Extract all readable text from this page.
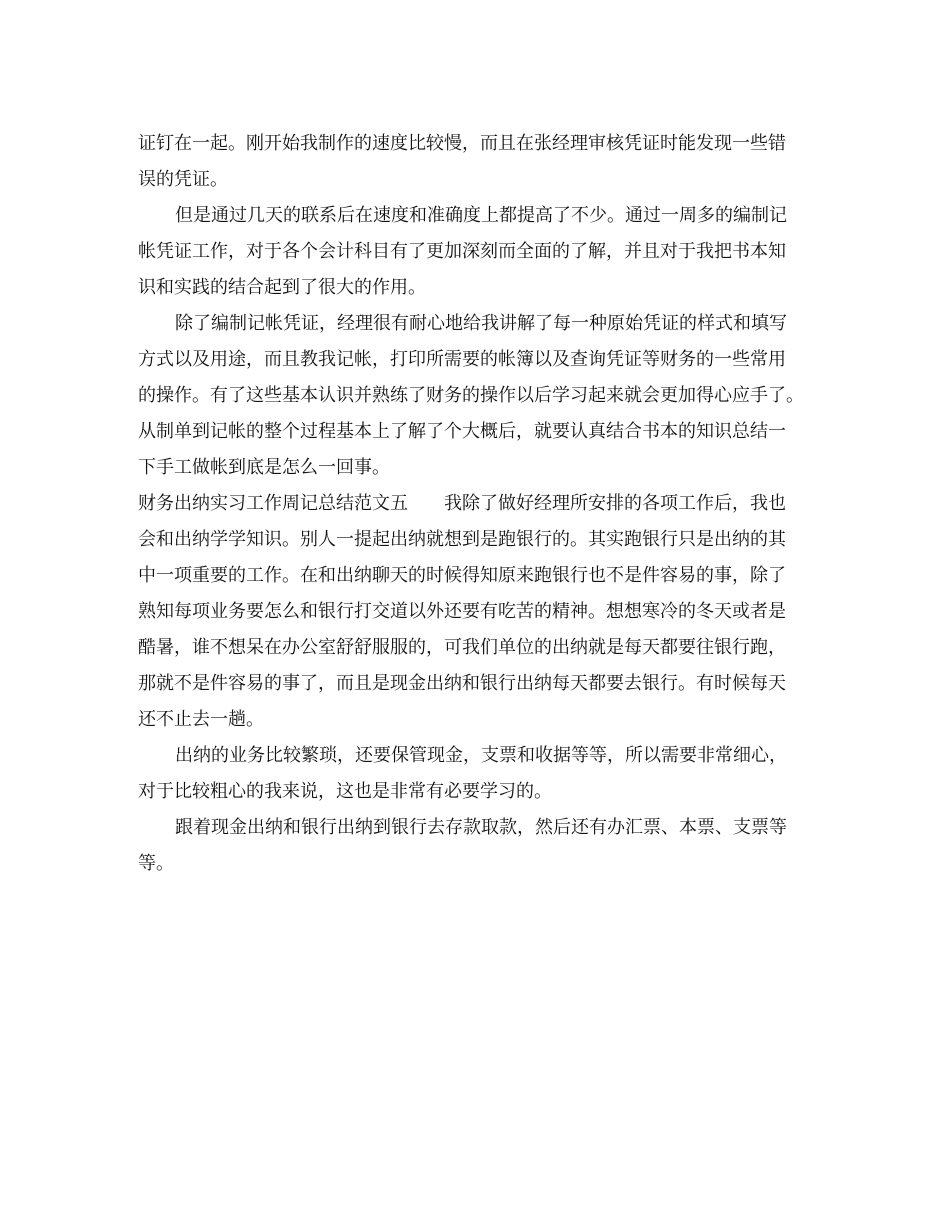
证钉在一起。刚开始我制作的速度比较慢，而且在张经理审核凭证时能发现一些错
误的凭证。
但是通过几天的联系后在速度和准确度上都提高了不少。通过一周多的编制记
帐凭证工作，对于各个会计科目有了更加深刻而全面的了解，并且对于我把书本知
识和实践的结合起到了很大的作用。
除了编制记帐凭证，经理很有耐心地给我讲解了每一种原始凭证的样式和填写
方式以及用途，而且教我记帐，打印所需要的帐簿以及查询凭证等财务的一些常用
的操作。有了这些基本认识并熟练了财务的操作以后学习起来就会更加得心应手了。
从制单到记帐的整个过程基本上了解了个大概后，就要认真结合书本的知识总结一
下手工做帐到底是怎么一回事。
财务出纳实习工作周记总结范文五　　我除了做好经理所安排的各项工作后，我也
会和出纳学学知识。别人一提起出纳就想到是跑银行的。其实跑银行只是出纳的其
中一项重要的工作。在和出纳聊天的时候得知原来跑银行也不是件容易的事，除了
熟知每项业务要怎么和银行打交道以外还要有吃苦的精神。想想寒冷的冬天或者是
酷暑，谁不想呆在办公室舒舒服服的，可我们单位的出纳就是每天都要往银行跑，
那就不是件容易的事了，而且是现金出纳和银行出纳每天都要去银行。有时候每天
还不止去一趟。
出纳的业务比较繁琐，还要保管现金，支票和收据等等，所以需要非常细心，
对于比较粗心的我来说，这也是非常有必要学习的。
跟着现金出纳和银行出纳到银行去存款取款，然后还有办汇票、本票、支票等
等。
